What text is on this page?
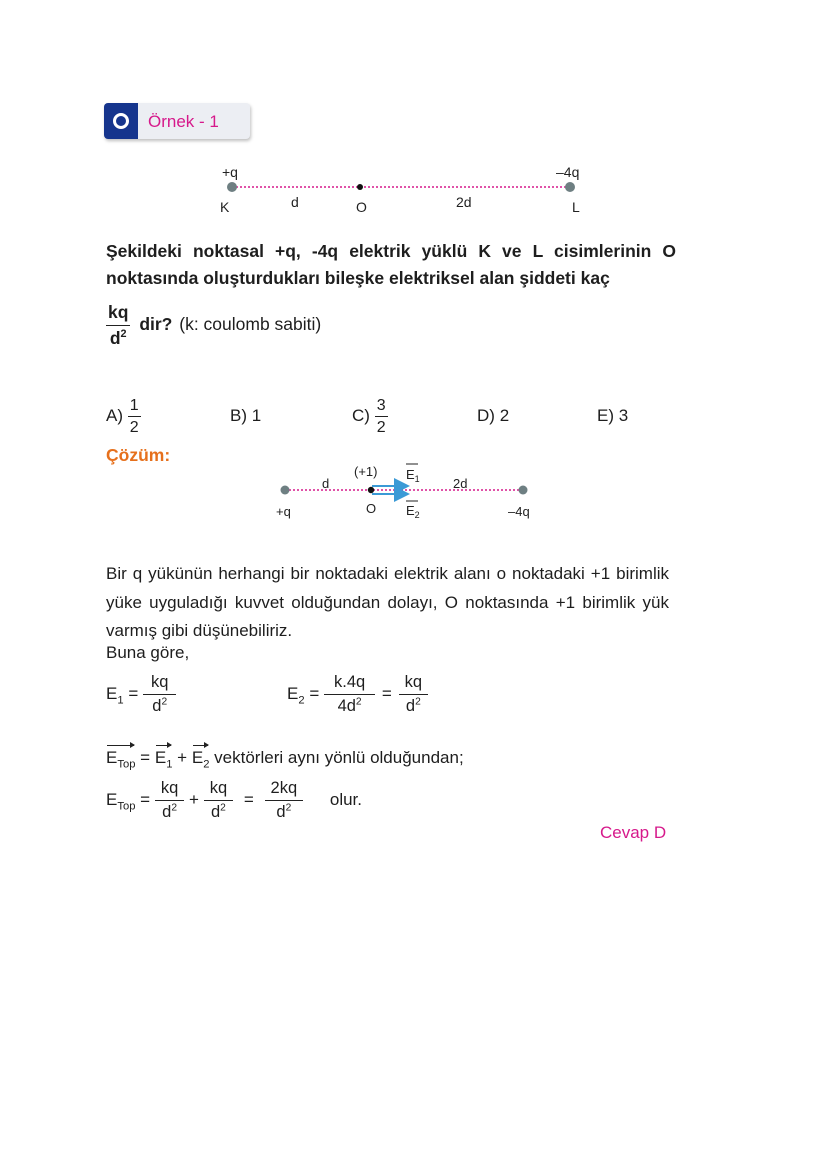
Örnek - 1
+q	–4q
K	d	O	2d	L
Şekildeki noktasal +q, -4q elektrik yüklü K ve L cisimlerinin O noktasında oluşturdukları bileşke elektriksel alan şiddeti kaç
$\frac{kq}{d^2}$ dir? (k: coulomb sabiti)
$A) \frac{1}{2}$	B) 1	$C) \frac{3}{2}$	D) 2	E) 3
Çözüm:
d
(+1) $E_1$	2d
+q	O $E_2$	–4q
Bir q yükünün herhangi bir noktadaki elektrik alanı o noktadaki +1 birimlik yüke uyguladığı kuvvet olduğundan dolayı, O noktasında +1 birimlik yük varmış gibi düşünebiliriz.
Buna göre,
$E_1 = \frac{kq}{d^2}$	$E_2 = \frac{k.4q}{4d^2} = \frac{kq}{d^2}$
$E_{Top} = E_1 + E_2$ vektörleri aynı yönlü olduğundan;
$E_{Top} = \frac{kq}{d^2} + \frac{kq}{d^2} = \frac{2kq}{d^2}$ olur.
Cevap D
